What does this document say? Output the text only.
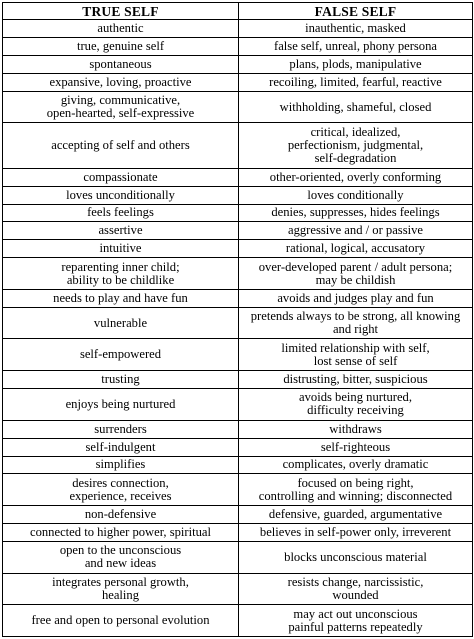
TRUE SELF	FALSE SELF

authentic	inauthentic, masked

true, genuine self	false self, unreal, phony persona

spontaneous	plans, plods, manipulative

expansive, loving, proactive	recoiling, limited, fearful, reactive

giving, communicative,
open-hearted, self-expressive	withholding, shameful, closed

accepting of self and others	critical, idealized,
perfectionism, judgmental,
self-degradation

compassionate	other-oriented, overly conforming

loves unconditionally	loves conditionally

feels feelings	denies, suppresses, hides feelings

assertive	aggressive and / or passive

intuitive	rational, logical, accusatory

reparenting inner child;
ability to be childlike	over-developed parent / adult persona;
may be childish

needs to play and have fun	avoids and judges play and fun

vulnerable	pretends always to be strong, all knowing
and right

self-empowered	limited relationship with self,
lost sense of self

trusting	distrusting, bitter, suspicious

enjoys being nurtured	avoids being nurtured,
difficulty receiving

surrenders	withdraws

self-indulgent	self-righteous

simplifies	complicates, overly dramatic

desires connection,
experience, receives	focused on being right,
controlling and winning; disconnected

non-defensive	defensive, guarded, argumentative

connected to higher power, spiritual	believes in self-power only, irreverent

open to the unconscious
and new ideas	blocks unconscious material

integrates personal growth,
healing	resists change, narcissistic,
wounded

free and open to personal evolution	may act out unconscious
painful patterns repeatedly
